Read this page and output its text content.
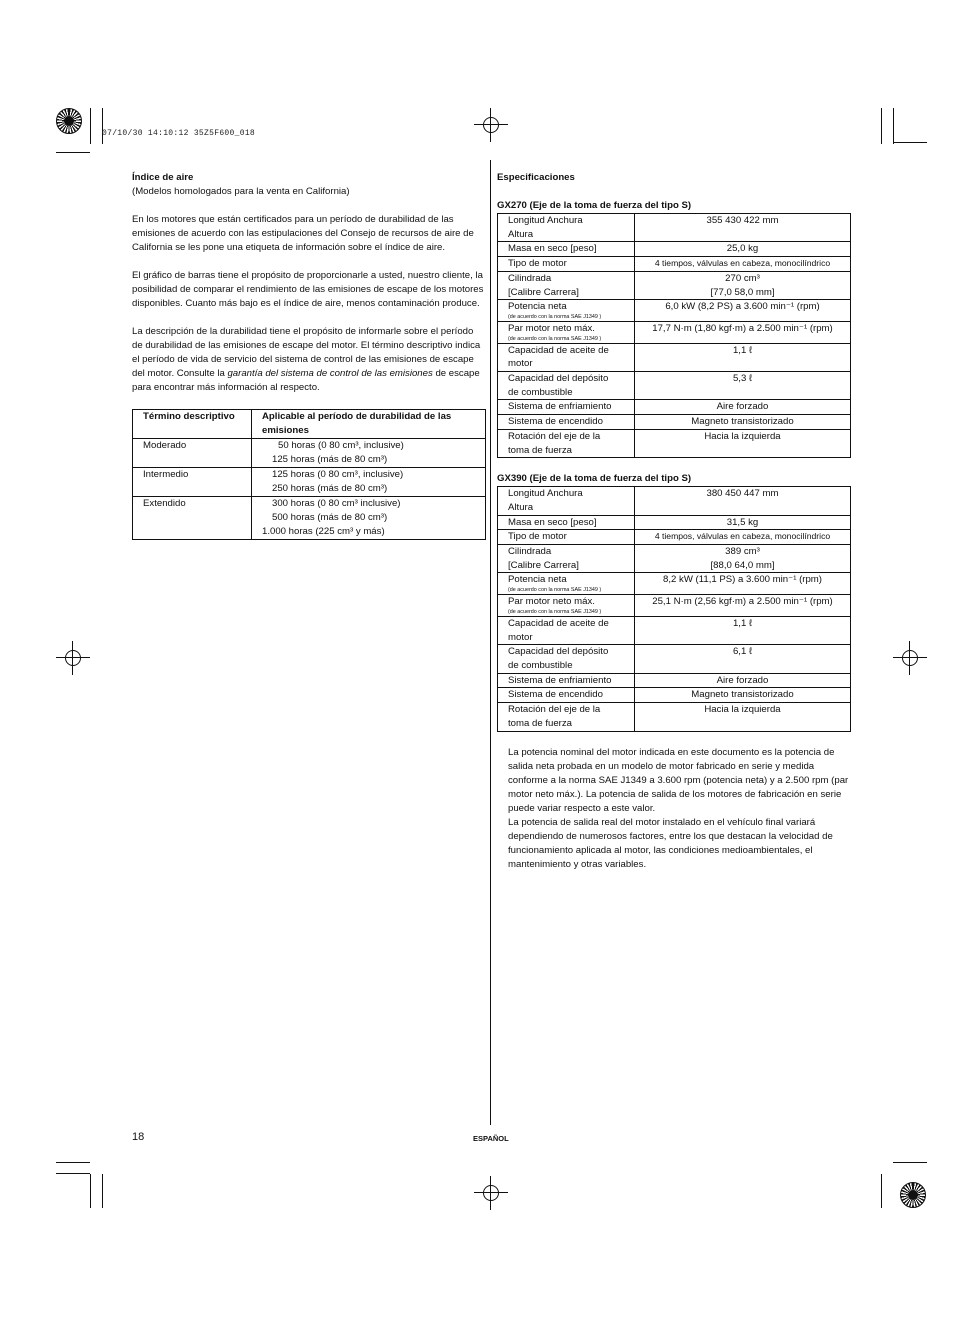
07/10/30 14:10:12 35Z5F600_018
Índice de aire

(Modelos homologados para la venta en California)

En los motores que están certificados para un período de durabilidad de las emisiones de acuerdo con las estipulaciones del Consejo de recursos de aire de California se les pone una etiqueta de información sobre el índice de aire.

El gráfico de barras tiene el propósito de proporcionarle a usted, nuestro cliente, la posibilidad de comparar el rendimiento de las emisiones de escape de los motores disponibles. Cuanto más bajo es el índice de aire, menos contaminación produce.

La descripción de la durabilidad tiene el propósito de informarle sobre el período de durabilidad de las emisiones de escape del motor. El término descriptivo indica el período de vida de servicio del sistema de control de las emisiones de escape del motor. Consulte la garantía del sistema de control de las emisiones de escape para encontrar más información al respecto.

Término descriptivo	Aplicable al período de durabilidad de las emisiones
Moderado	50 horas (0 80 cm³, inclusive)
125 horas (más de 80 cm³)

Intermedio	125 horas (0 80 cm³, inclusive)
250 horas (más de 80 cm³)

Extendido	300 horas (0 80 cm³ inclusive)
500 horas (más de 80 cm³)
1.000 horas (225 cm³ y más)

Especificaciones

GX270 (Eje de la toma de fuerza del tipo S)

Longitud Anchura
Altura	355 430 422 mm
Masa en seco [peso]	25,0 kg
Tipo de motor	4 tiempos, válvulas en cabeza, monocilíndrico

Cilindrada
[Calibre Carrera]	270 cm³
[77,0 58,0 mm]

Potencia neta
(de acuerdo con la norma SAE J1349 )	6,0 kW (8,2 PS) a 3.600 min⁻¹ (rpm)

Par motor neto máx.
(de acuerdo con la norma SAE J1349 )	17,7 N·m (1,80 kgf·m) a 2.500 min⁻¹ (rpm)

Capacidad de aceite de
motor	1,1 ℓ

Capacidad del depósito
de combustible	5,3 ℓ
Sistema de enfriamiento	Aire forzado
Sistema de encendido	Magneto transistorizado

Rotación del eje de la
toma de fuerza	Hacia la izquierda

GX390 (Eje de la toma de fuerza del tipo S)

Longitud Anchura
Altura	380 450 447 mm
Masa en seco [peso]	31,5 kg
Tipo de motor	4 tiempos, válvulas en cabeza, monocilíndrico

Cilindrada
[Calibre Carrera]	389 cm³
[88,0 64,0 mm]

Potencia neta
(de acuerdo con la norma SAE J1349 )	8,2 kW (11,1 PS) a 3.600 min⁻¹ (rpm)

Par motor neto máx.
(de acuerdo con la norma SAE J1349 )	25,1 N·m (2,56 kgf·m) a 2.500 min⁻¹ (rpm)

Capacidad de aceite de
motor	1,1 ℓ

Capacidad del depósito
de combustible	6,1 ℓ
Sistema de enfriamiento	Aire forzado
Sistema de encendido	Magneto transistorizado

Rotación del eje de la
toma de fuerza	Hacia la izquierda

La potencia nominal del motor indicada en este documento es la potencia de salida neta probada en un modelo de motor fabricado en serie y medida conforme a la norma SAE J1349 a 3.600 rpm (potencia neta) y a 2.500 rpm (par motor neto máx.). La potencia de salida de los motores de fabricación en serie puede variar respecto a este valor.

La potencia de salida real del motor instalado en el vehículo final variará dependiendo de numerosos factores, entre los que destacan la velocidad de funcionamiento aplicada al motor, las condiciones medioambientales, el mantenimiento y otras variables.

18	ESPAÑOL
